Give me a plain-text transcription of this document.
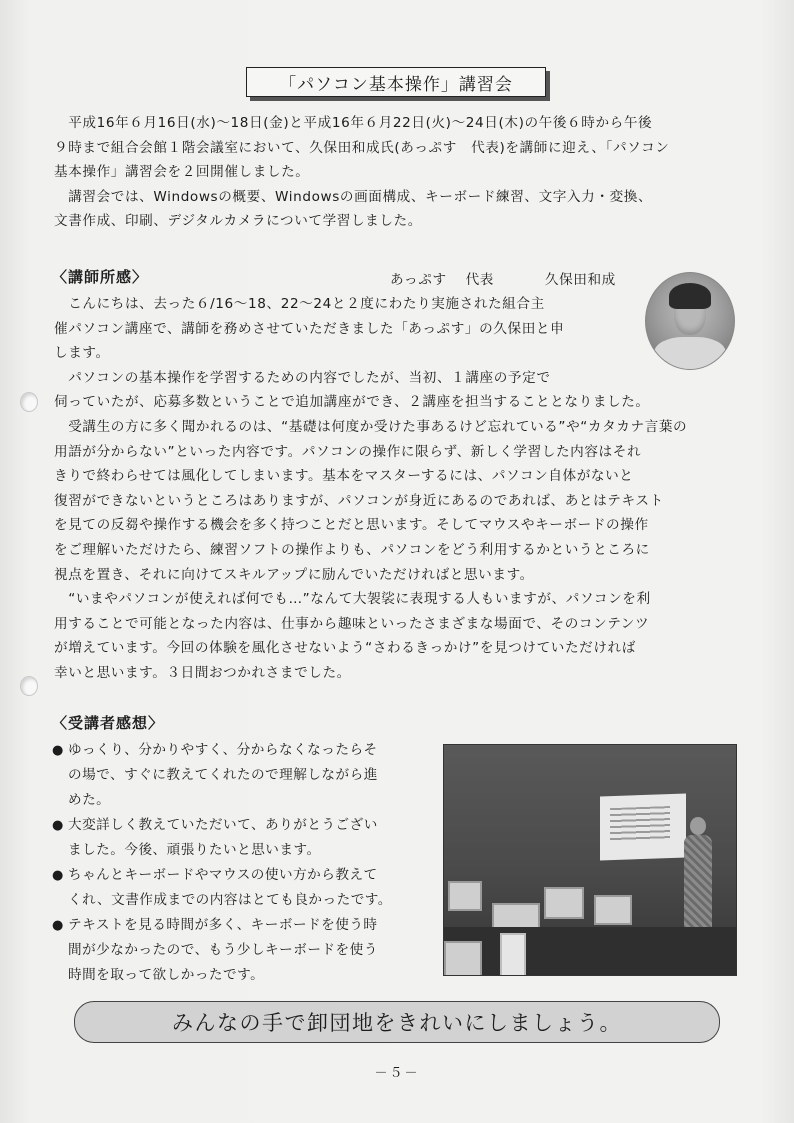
「パソコン基本操作」講習会
　平成16年６月16日(水)～18日(金)と平成16年６月22日(火)～24日(木)の午後６時から午後
９時まで組合会館１階会議室において、久保田和成氏(あっぷす　代表)を講師に迎え、「パソコン
基本操作」講習会を２回開催しました。
　講習会では、Windowsの概要、Windowsの画面構成、キーボード練習、文字入力・変換、
文書作成、印刷、デジタルカメラについて学習しました。
〈講師所感〉	あっぷす 代表	久保田和成
　こんにちは、去った６/16～18、22～24と２度にわたり実施された組合主
催パソコン講座で、講師を務めさせていただきました「あっぷす」の久保田と申
します。
　パソコンの基本操作を学習するための内容でしたが、当初、１講座の予定で
伺っていたが、応募多数ということで追加講座ができ、２講座を担当することとなりました。
　受講生の方に多く聞かれるのは、“基礎は何度か受けた事あるけど忘れている”や“カタカナ言葉の
用語が分からない”といった内容です。パソコンの操作に限らず、新しく学習した内容はそれ
きりで終わらせては風化してしまいます。基本をマスターするには、パソコン自体がないと
復習ができないというところはありますが、パソコンが身近にあるのであれば、あとはテキスト
を見ての反芻や操作する機会を多く持つことだと思います。そしてマウスやキーボードの操作
をご理解いただけたら、練習ソフトの操作よりも、パソコンをどう利用するかというところに
視点を置き、それに向けてスキルアップに励んでいただければと思います。
　“いまやパソコンが使えれば何でも…”なんて大袈裟に表現する人もいますが、パソコンを利
用することで可能となった内容は、仕事から趣味といったさまざまな場面で、そのコンテンツ
が増えています。今回の体験を風化させないよう“さわるきっかけ”を見つけていただければ
幸いと思います。３日間おつかれさまでした。
〈受講者感想〉
● ゆっくり、分かりやすく、分からなくなったらそ
の場で、すぐに教えてくれたので理解しながら進
めた。
● 大変詳しく教えていただいて、ありがとうござい
ました。今後、頑張りたいと思います。
● ちゃんとキーボードやマウスの使い方から教えて
くれ、文書作成までの内容はとても良かったです。
● テキストを見る時間が多く、キーボードを使う時
間が少なかったので、もう少しキーボードを使う
時間を取って欲しかったです。
みんなの手で卸団地をきれいにしましょう。
－５－
